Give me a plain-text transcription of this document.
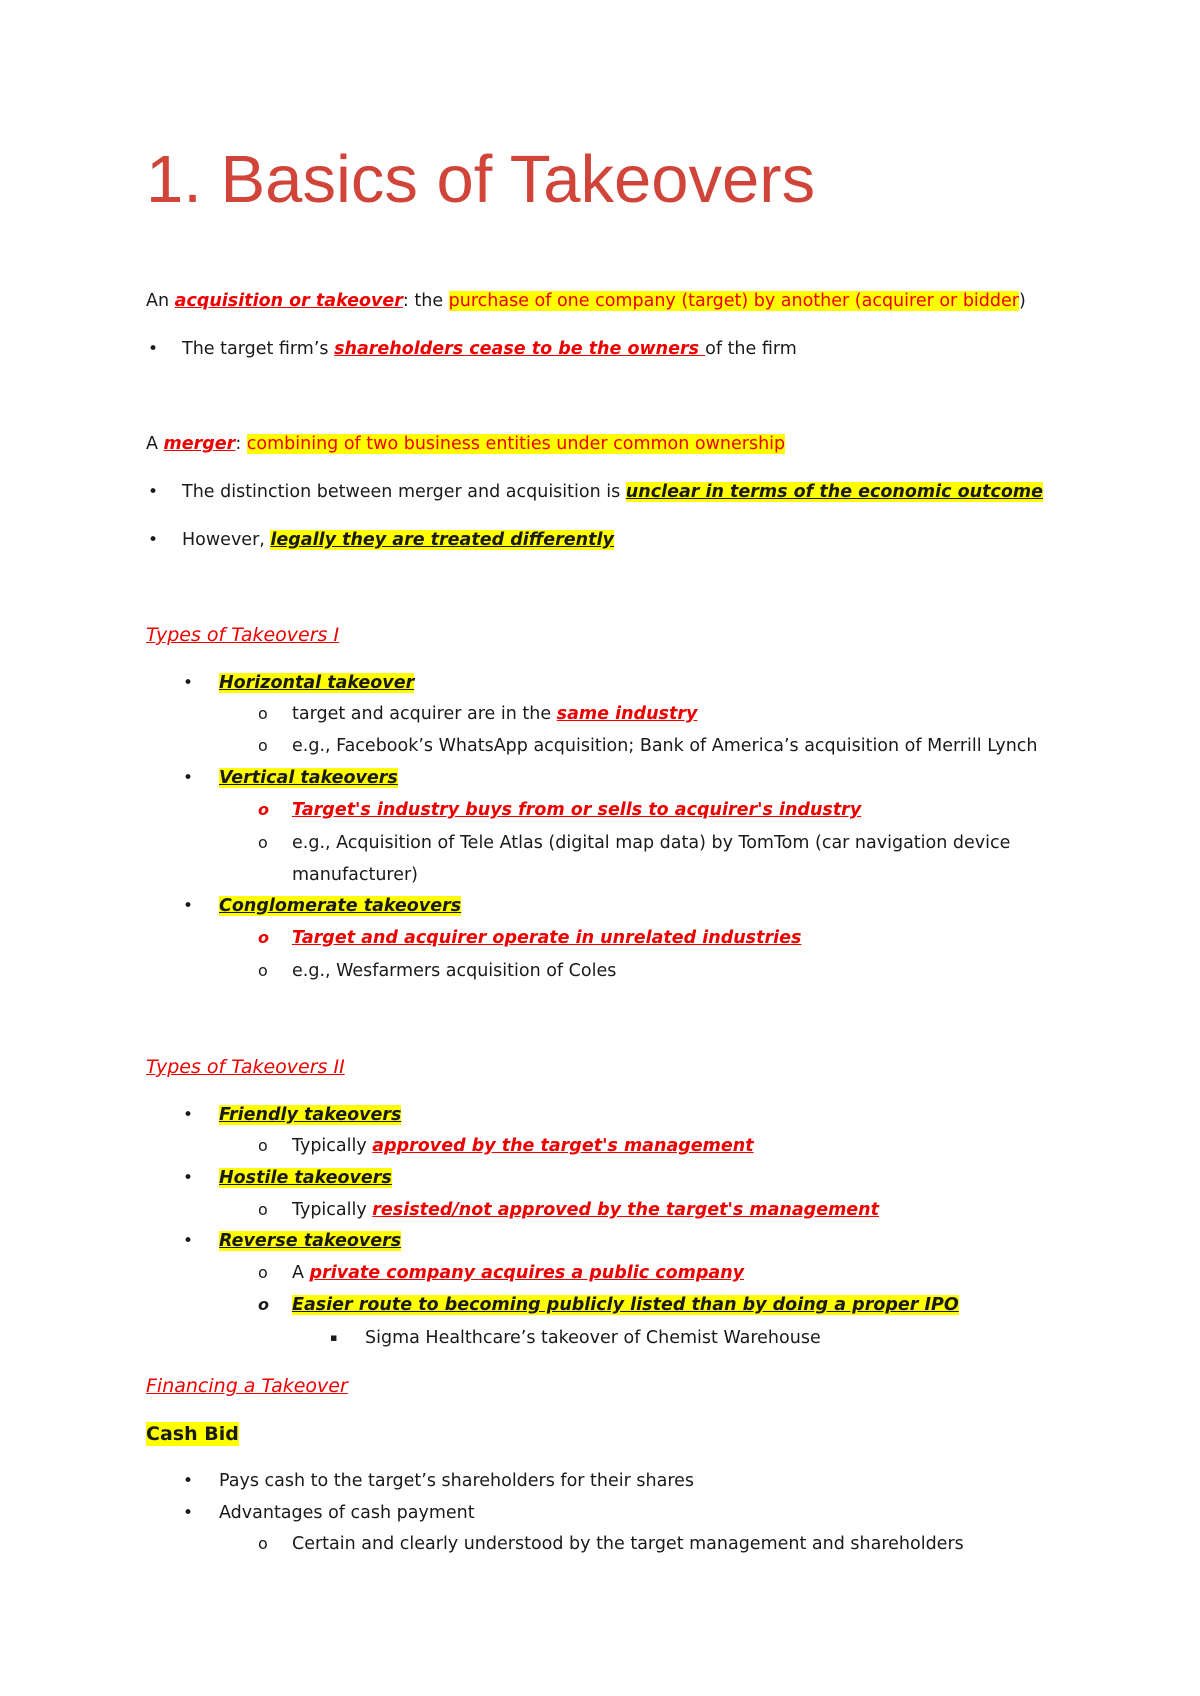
1. Basics of Takeovers
An acquisition or takeover: the purchase of one company (target) by another (acquirer or bidder)
• The target firm’s shareholders cease to be the owners of the firm
A merger: combining of two business entities under common ownership
• The distinction between merger and acquisition is unclear in terms of the economic outcome
• However, legally they are treated differently
Types of Takeovers I
• Horizontal takeover
o target and acquirer are in the same industry
o e.g., Facebook’s WhatsApp acquisition; Bank of America’s acquisition of Merrill Lynch
• Vertical takeovers
o Target's industry buys from or sells to acquirer's industry
o e.g., Acquisition of Tele Atlas (digital map data) by TomTom (car navigation device
manufacturer)
• Conglomerate takeovers
o Target and acquirer operate in unrelated industries
o e.g., Wesfarmers acquisition of Coles
Types of Takeovers II
• Friendly takeovers
o Typically approved by the target's management
• Hostile takeovers
o Typically resisted/not approved by the target's management
• Reverse takeovers
o A private company acquires a public company
o Easier route to becoming publicly listed than by doing a proper IPO
▪ Sigma Healthcare’s takeover of Chemist Warehouse
Financing a Takeover
Cash Bid
• Pays cash to the target’s shareholders for their shares
• Advantages of cash payment
o Certain and clearly understood by the target management and shareholders
